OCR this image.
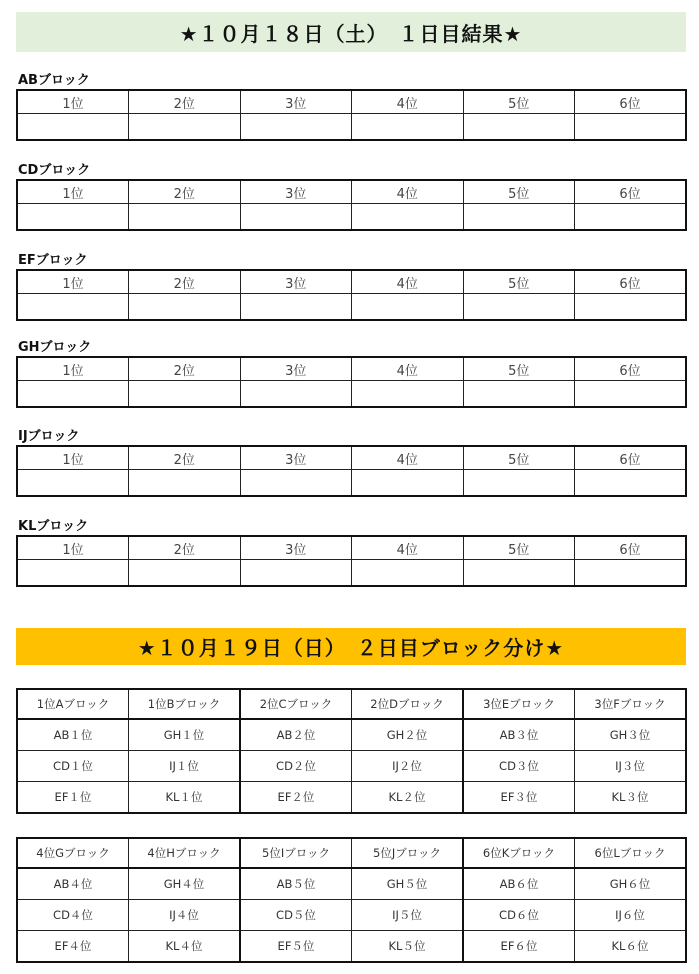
★１０月１８日（土）　１日目結果★
ABブロック
1位	2位	3位	4位	5位	6位

CDブロック
1位	2位	3位	4位	5位	6位

EFブロック
1位	2位	3位	4位	5位	6位

GHブロック
1位	2位	3位	4位	5位	6位

IJブロック
1位	2位	3位	4位	5位	6位

KLブロック
1位	2位	3位	4位	5位	6位

★１０月１９日（日）　２日目ブロック分け★
1位Aブロック	1位Bブロック	2位Cブロック	2位Dブロック	3位Eブロック	3位Fブロック
AB１位	GH１位	AB２位	GH２位	AB３位	GH３位
CD１位	IJ１位	CD２位	IJ２位	CD３位	IJ３位
EF１位	KL１位	EF２位	KL２位	EF３位	KL３位
4位Gブロック	4位Hブロック	5位Iブロック	5位Jブロック	6位Kブロック	6位Lブロック
AB４位	GH４位	AB５位	GH５位	AB６位	GH６位
CD４位	IJ４位	CD５位	IJ５位	CD６位	IJ６位
EF４位	KL４位	EF５位	KL５位	EF６位	KL６位
